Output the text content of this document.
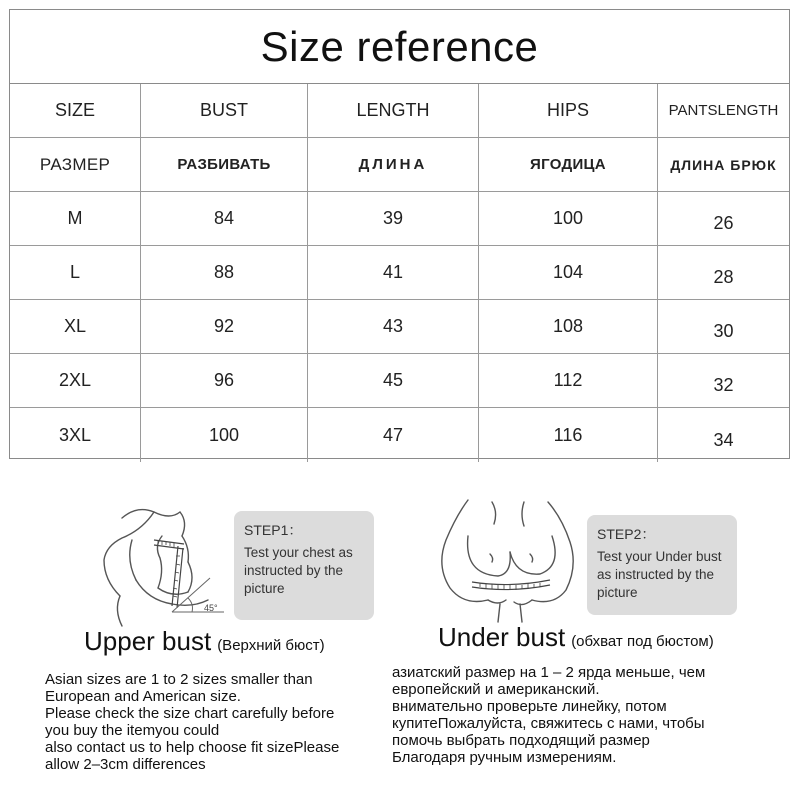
Size reference
SIZE	BUST	LENGTH	HIPS	PANTSLENGTH
РАЗМЕР	РАЗБИВАТЬ	ДЛИНА	ЯГОДИЦА	ДЛИНА БРЮК
M	84	39	100	26
L	88	41	104	28
XL	92	43	108	30
2XL	96	45	112	32
3XL	100	47	116	34
45°
STEP1：
Test your chest as instructed by the picture
Upper bust (Верхний бюст)
STEP2：
Test your Under bust as instructed by the picture
Under bust (обхват под бюстом)
Asian sizes are 1 to 2 sizes smaller than
European and American size.
Please check the size chart carefully before
you buy the itemyou could
also contact us to help choose fit sizePlease
allow 2–3cm differences
азиатский размер на 1 – 2 ярда меньше, чем
европейский и американский.
внимательно проверьте линейку, потом
купитеПожалуйста, свяжитесь с нами, чтобы
помочь выбрать подходящий размер
Благодаря ручным измерениям.
